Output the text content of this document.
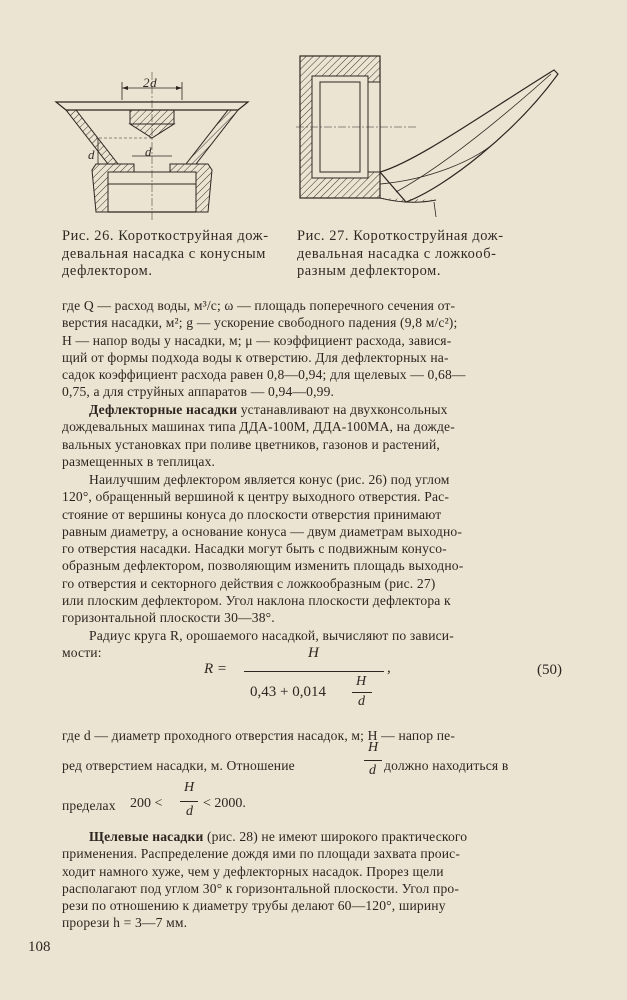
2d
d	d
Рис. 26. Короткоструйная дож-
девальная насадка с конусным
дефлектором.
Рис. 27. Короткоструйная дож-
девальная насадка с ложкооб-
разным дефлектором.

где Q — расход воды, м³/с; ω — площадь поперечного сечения от-

верстия насадки, м²; g — ускорение свободного падения (9,8 м/с²);

H — напор воды у насадки, м; μ — коэффициент расхода, завися-

щий от формы подхода воды к отверстию. Для дефлекторных на-

садок коэффициент расхода равен 0,8—0,94; для щелевых — 0,68—

0,75, а для струйных аппаратов — 0,94—0,99.

Дефлекторные насадки устанавливают на двухконсольных

дождевальных машинах типа ДДА-100М, ДДА-100МА, на дожде-

вальных установках при поливе цветников, газонов и растений,

размещенных в теплицах.

Наилучшим дефлектором является конус (рис. 26) под углом

120°, обращенный вершиной к центру выходного отверстия. Рас-

стояние от вершины конуса до плоскости отверстия принимают

равным диаметру, а основание конуса — двум диаметрам выходно-

го отверстия насадки. Насадки могут быть с подвижным конусо-

образным дефлектором, позволяющим изменить площадь выходно-

го отверстия и секторного действия с ложкообразным (рис. 27)

или плоским дефлектором. Угол наклона плоскости дефлектора к

горизонтальной плоскости 30—38°.

Радиус круга R, орошаемого насадкой, вычисляют по зависи-

мости:

R =
H
,
0,43 + 0,014
H
d
(50)

где d — диаметр проходного отверстия насадок, м; H — напор пе-

ред отверстием насадки, м. Отношение
H
d должно находиться в
пределах 200 <
H
d
< 2000.

Щелевые насадки (рис. 28) не имеют широкого практического

применения. Распределение дождя ими по площади захвата проис-

ходит намного хуже, чем у дефлекторных насадок. Прорез щели

располагают под углом 30° к горизонтальной плоскости. Угол про-

рези по отношению к диаметру трубы делают 60—120°, ширину

прорези h = 3—7 мм.

108
